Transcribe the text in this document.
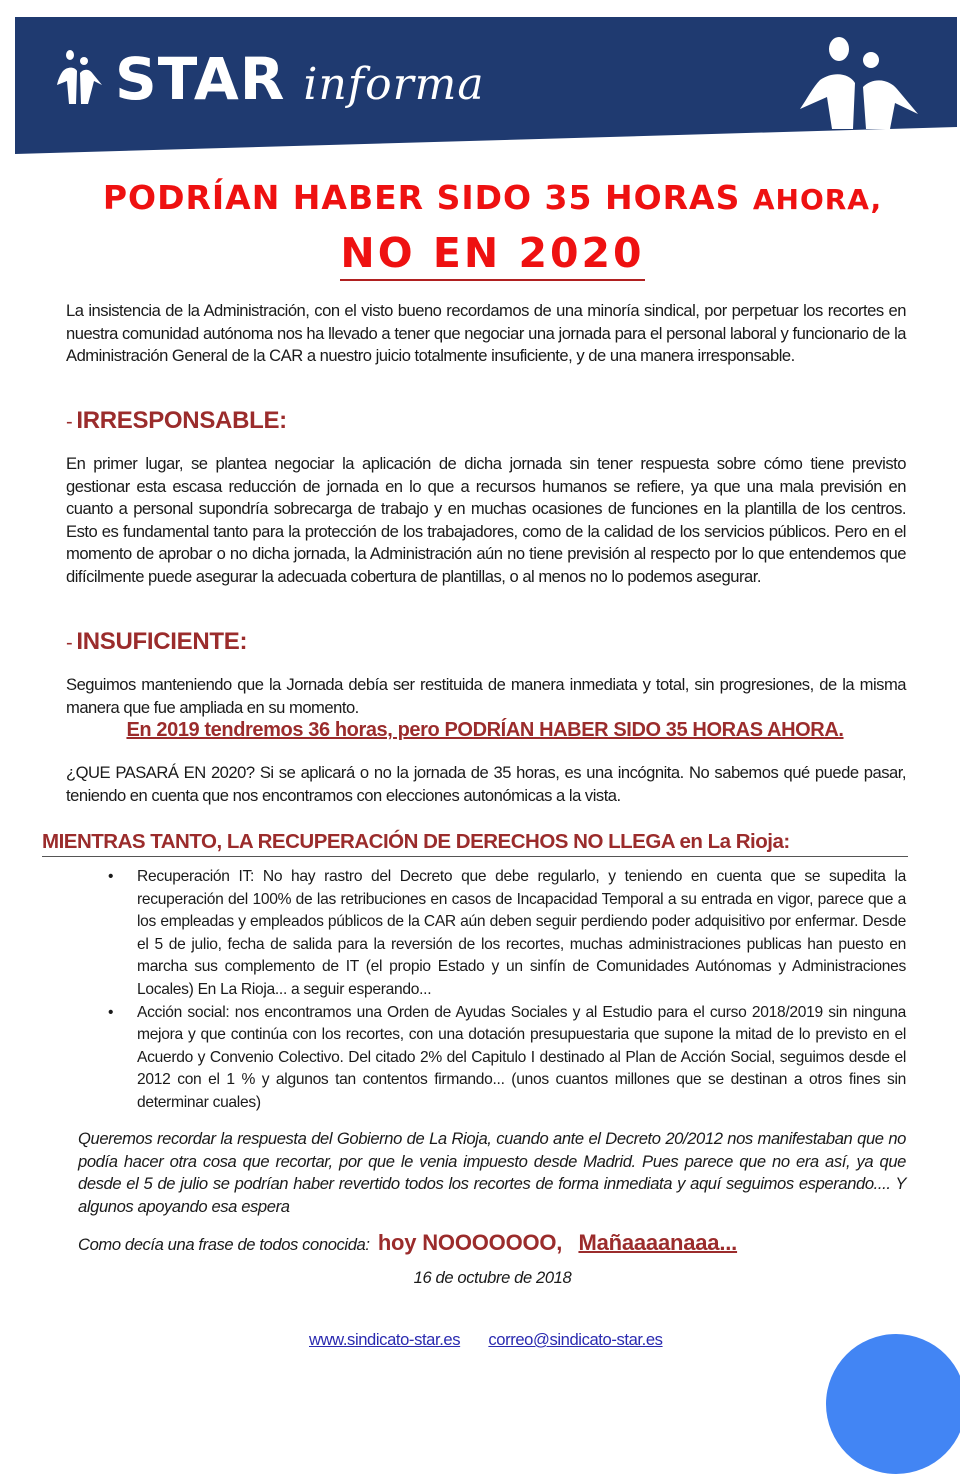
STAR informa
PODRÍAN HABER SIDO 35 HORAS AHORA,
NO EN 2020
La insistencia de la Administración, con el visto bueno recordamos de una minoría sindical, por perpetuar los recortes en nuestra comunidad autónoma nos ha llevado a tener que negociar una jornada para el personal laboral y funcionario de la Administración General de la CAR a nuestro juicio totalmente insuficiente, y de una manera irresponsable.
- IRRESPONSABLE:
En primer lugar, se plantea negociar la aplicación de dicha jornada sin tener respuesta sobre cómo tiene previsto gestionar esta escasa reducción de jornada en lo que a recursos humanos se refiere, ya que una mala previsión en cuanto a personal supondría sobrecarga de trabajo y en muchas ocasiones de funciones en la plantilla de los centros. Esto es fundamental tanto para la protección de los trabajadores, como de la calidad de los servicios públicos. Pero en el momento de aprobar o no dicha jornada, la Administración aún no tiene previsión al respecto por lo que entendemos que difícilmente puede asegurar la adecuada cobertura de plantillas, o al menos no lo podemos asegurar.
- INSUFICIENTE:
Seguimos manteniendo que la Jornada debía ser restituida de manera inmediata y total, sin progresiones, de la misma manera que fue ampliada en su momento.
En 2019 tendremos 36 horas, pero PODRÍAN HABER SIDO 35 HORAS AHORA.
¿QUE PASARÁ EN 2020? Si se aplicará o no la jornada de 35 horas, es una incógnita. No sabemos qué puede pasar, teniendo en cuenta que nos encontramos con elecciones autonómicas a la vista.
MIENTRAS TANTO, LA RECUPERACIÓN DE DERECHOS NO LLEGA en La Rioja:
• Recuperación IT: No hay rastro del Decreto que debe regularlo, y teniendo en cuenta que se supedita la recuperación del 100% de las retribuciones en casos de Incapacidad Temporal a su entrada en vigor, parece que a los empleadas y empleados públicos de la CAR aún deben seguir perdiendo poder adquisitivo por enfermar. Desde el 5 de julio, fecha de salida para la reversión de los recortes, muchas administraciones publicas han puesto en marcha sus complemento de IT (el propio Estado y un sinfín de Comunidades Autónomas y Administraciones Locales) En La Rioja... a seguir esperando...
• Acción social: nos encontramos una Orden de Ayudas Sociales y al Estudio para el curso 2018/2019 sin ninguna mejora y que continúa con los recortes, con una dotación presupuestaria que supone la mitad de lo previsto en el Acuerdo y Convenio Colectivo. Del citado 2% del Capitulo I destinado al Plan de Acción Social, seguimos desde el 2012 con el 1 % y algunos tan contentos firmando... (unos cuantos millones que se destinan a otros fines sin determinar cuales)
Queremos recordar la respuesta del Gobierno de La Rioja, cuando ante el Decreto 20/2012 nos manifestaban que no podía hacer otra cosa que recortar, por que le venia impuesto desde Madrid. Pues parece que no era así, ya que desde el 5 de julio se podrían haber revertido todos los recortes de forma inmediata y aquí seguimos esperando.... Y algunos apoyando esa espera
Como decía una frase de todos conocida: hoy NOOOOOOO, Mañaaaanaaa...
16 de octubre de 2018
www.sindicato-star.es correo@sindicato-star.es
